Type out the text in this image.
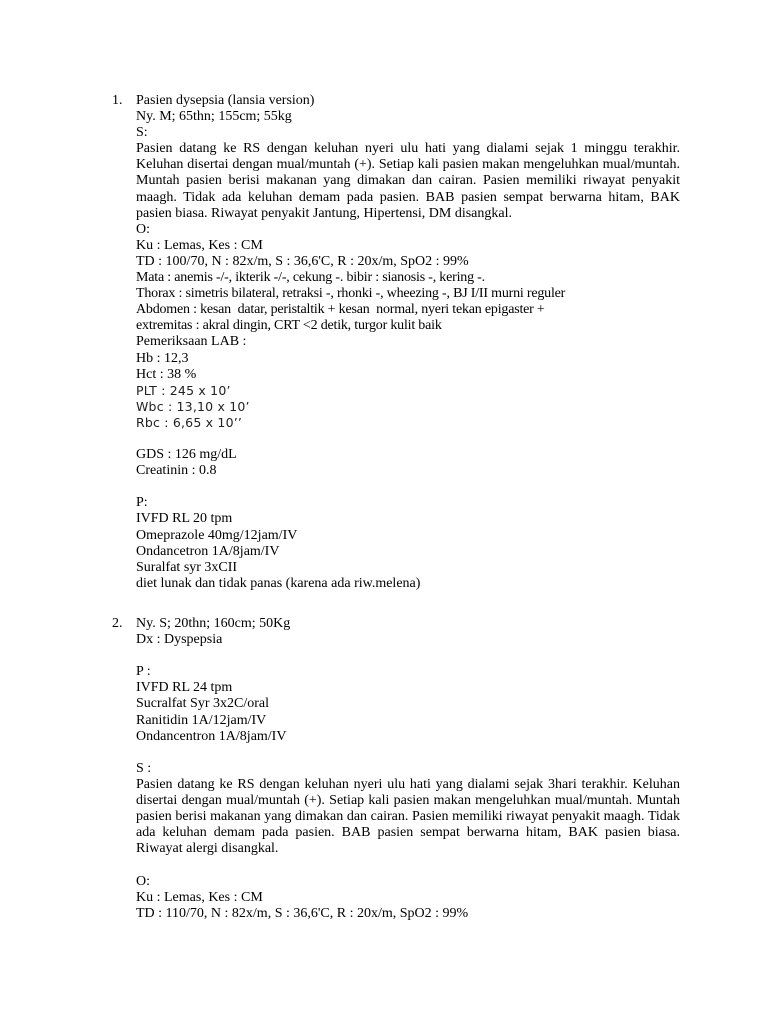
1. Pasien dysepsia (lansia version)
Ny. M; 65thn; 155cm; 55kg
S:
Pasien datang ke RS dengan keluhan nyeri ulu hati yang dialami sejak 1 minggu terakhir. Keluhan disertai dengan mual/muntah (+). Setiap kali pasien makan mengeluhkan mual/muntah. Muntah pasien berisi makanan yang dimakan dan cairan. Pasien memiliki riwayat penyakit maagh. Tidak ada keluhan demam pada pasien. BAB pasien sempat berwarna hitam, BAK pasien biasa. Riwayat penyakit Jantung, Hipertensi, DM disangkal.
O:
Ku : Lemas, Kes : CM
TD : 100/70, N : 82x/m, S : 36,6'C, R : 20x/m, SpO2 : 99%
Mata : anemis -/-, ikterik -/-, cekung -. bibir : sianosis -, kering -.
Thorax : simetris bilateral, retraksi -, rhonki -, wheezing -, BJ I/II murni reguler
Abdomen : kesan  datar, peristaltik + kesan  normal, nyeri tekan epigaster +
extremitas : akral dingin, CRT <2 detik, turgor kulit baik
Pemeriksaan LAB :
Hb : 12,3
Hct : 38 %
PLT : 245 x 10’
Wbc : 13,10 x 10’
Rbc : 6,65 x 10’’
GDS : 126 mg/dL
Creatinin : 0.8
P:
IVFD RL 20 tpm
Omeprazole 40mg/12jam/IV
Ondancetron 1A/8jam/IV
Suralfat syr 3xCII
diet lunak dan tidak panas (karena ada riw.melena)
2. Ny. S; 20thn; 160cm; 50Kg
Dx : Dyspepsia
P :
IVFD RL 24 tpm
Sucralfat Syr 3x2C/oral
Ranitidin 1A/12jam/IV
Ondancentron 1A/8jam/IV
S :
Pasien datang ke RS dengan keluhan nyeri ulu hati yang dialami sejak 3hari terakhir. Keluhan disertai dengan mual/muntah (+). Setiap kali pasien makan mengeluhkan mual/muntah. Muntah pasien berisi makanan yang dimakan dan cairan. Pasien memiliki riwayat penyakit maagh. Tidak ada keluhan demam pada pasien. BAB pasien sempat berwarna hitam, BAK pasien biasa. Riwayat alergi disangkal.
O:
Ku : Lemas, Kes : CM
TD : 110/70, N : 82x/m, S : 36,6'C, R : 20x/m, SpO2 : 99%
